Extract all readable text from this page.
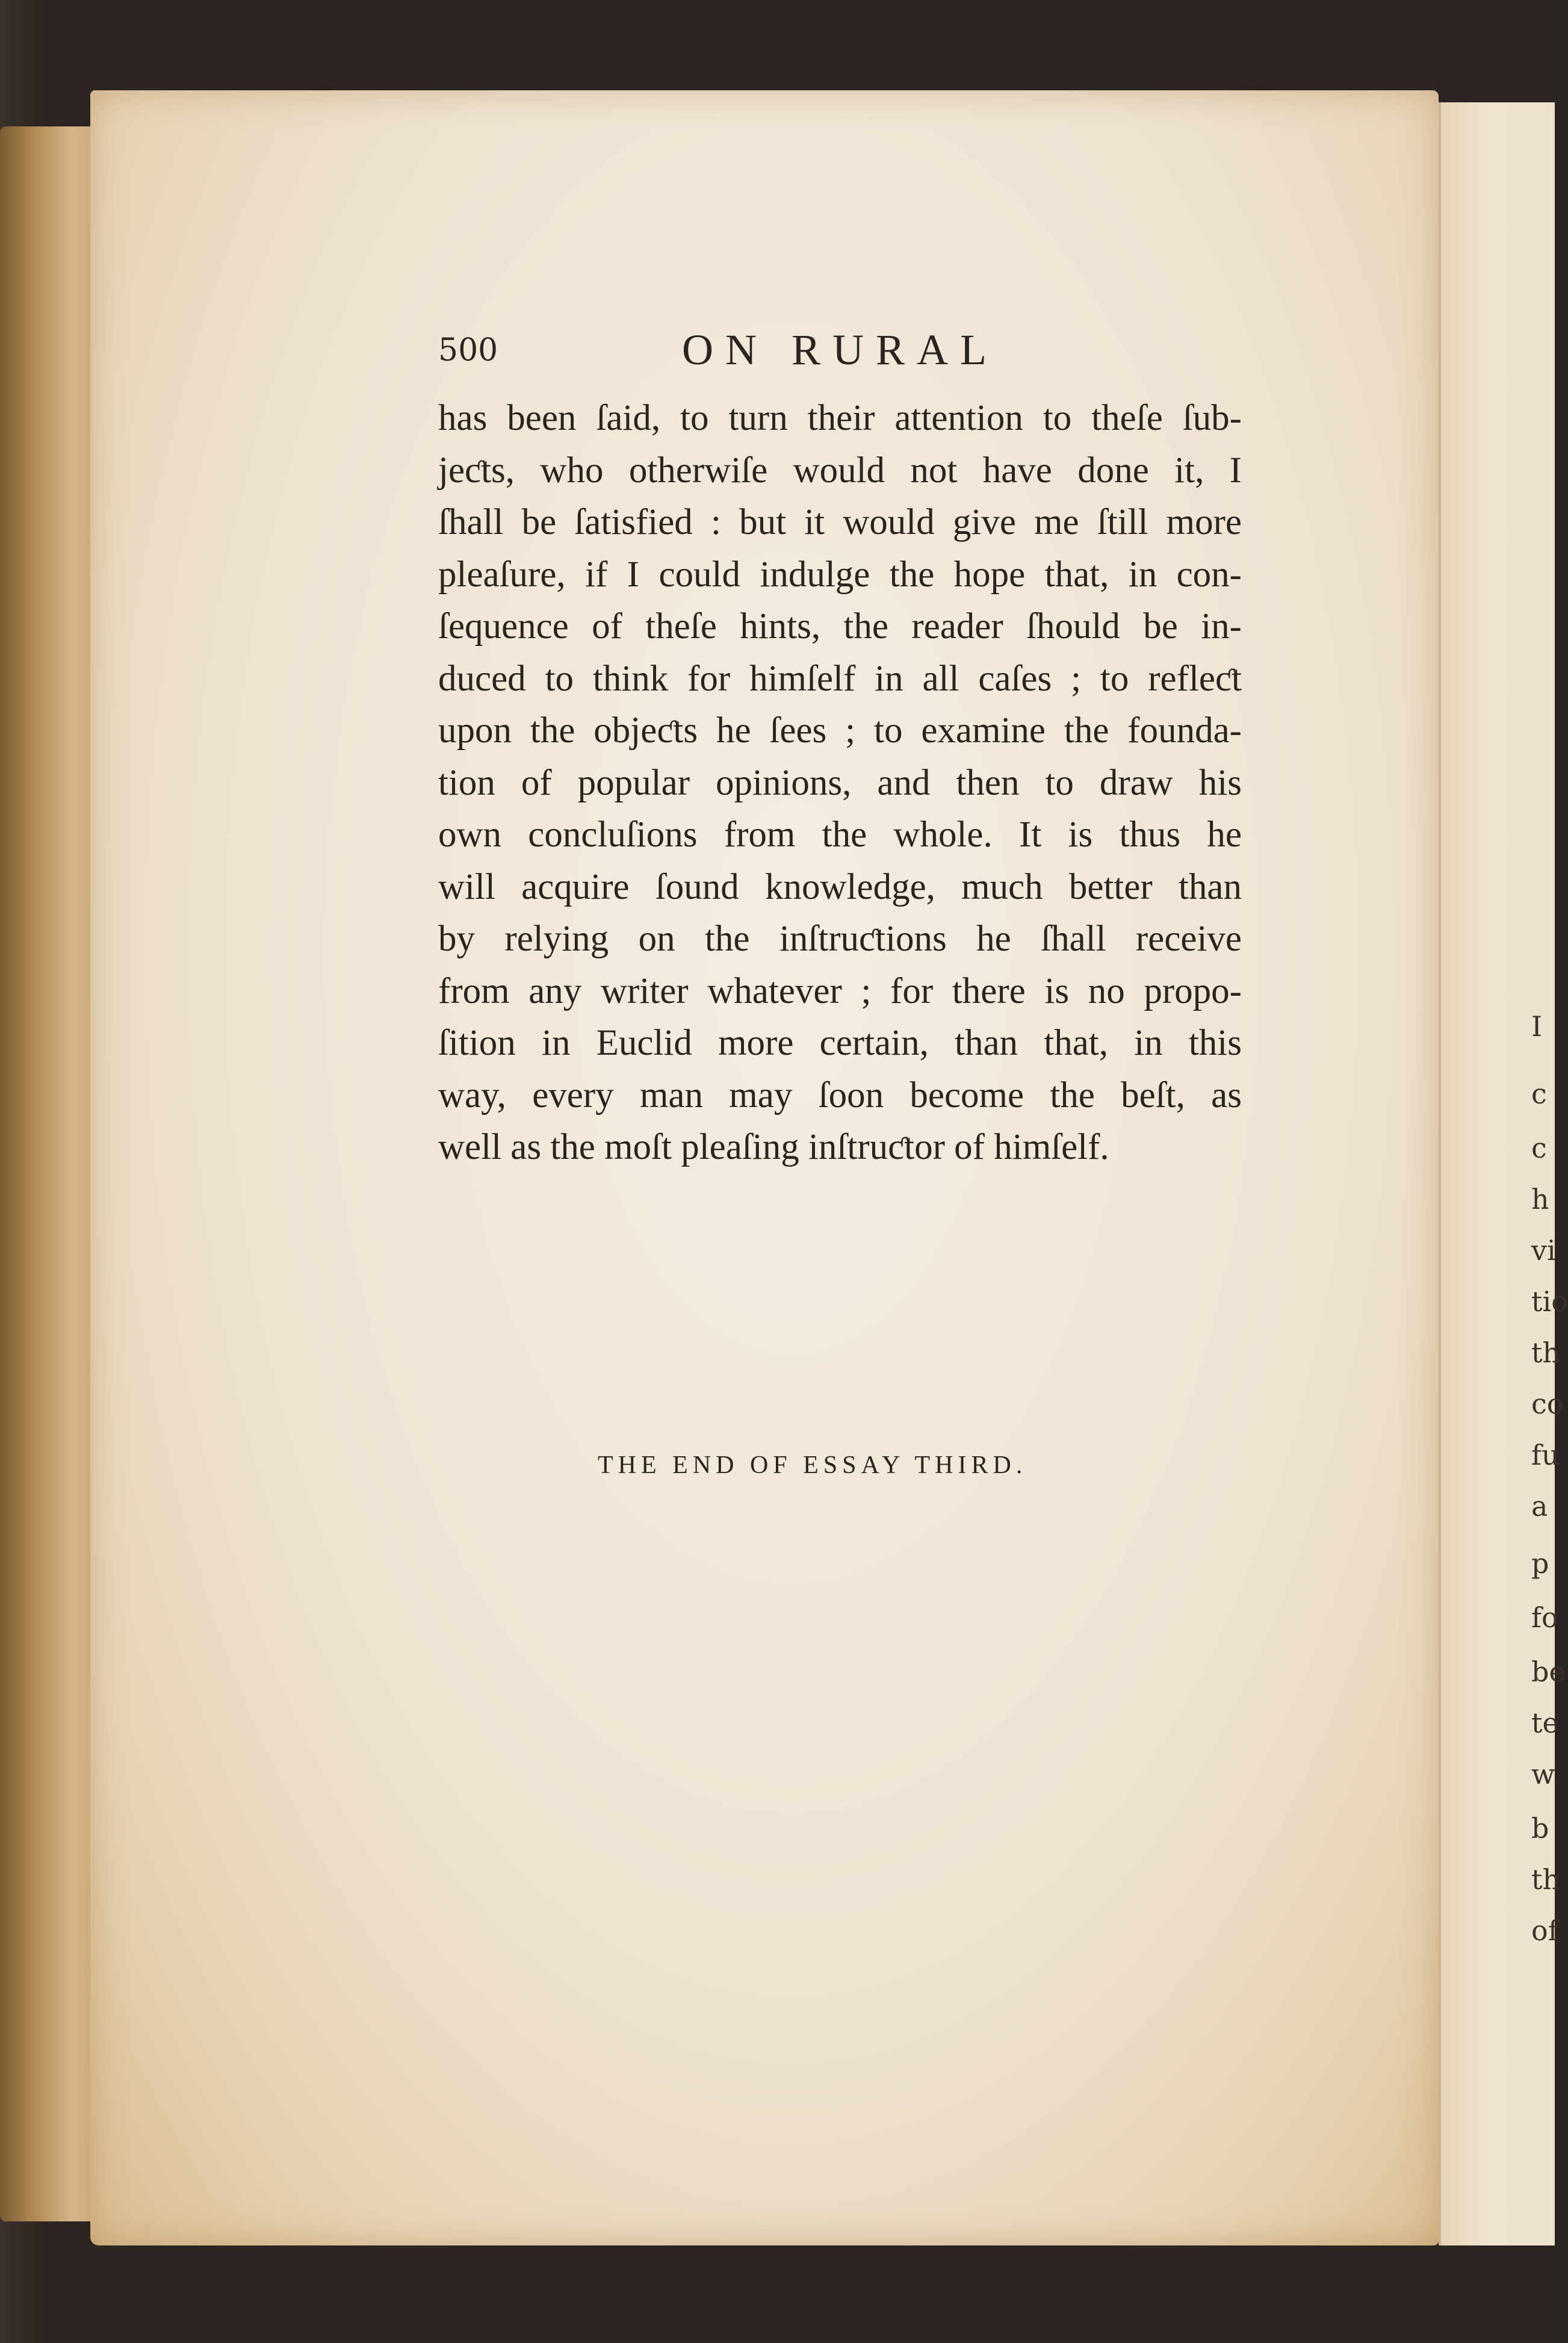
I
c
c
h
vi
tio
th
co
fu
a
p
fo
be
te
w
b
th
of
500	ON RURAL
has been ſaid, to turn their attention to theſe ſub-
jeƈts, who otherwiſe would not have done it, I
ſhall be ſatisfied : but it would give me ſtill more
pleaſure, if I could indulge the hope that, in con-
ſequence of theſe hints, the reader ſhould be in-
duced to think for himſelf in all caſes ; to refleƈt
upon the objeƈts he ſees ; to examine the founda-
tion of popular opinions, and then to draw his
own concluſions from the whole. It is thus he
will acquire ſound knowledge, much better than
by relying on the inſtruƈtions he ſhall receive
from any writer whatever ; for there is no propo-
ſition in Euclid more certain, than that, in this
way, every man may ſoon become the beſt, as
well as the moſt pleaſing inſtruƈtor of himſelf.
THE END OF ESSAY THIRD.
